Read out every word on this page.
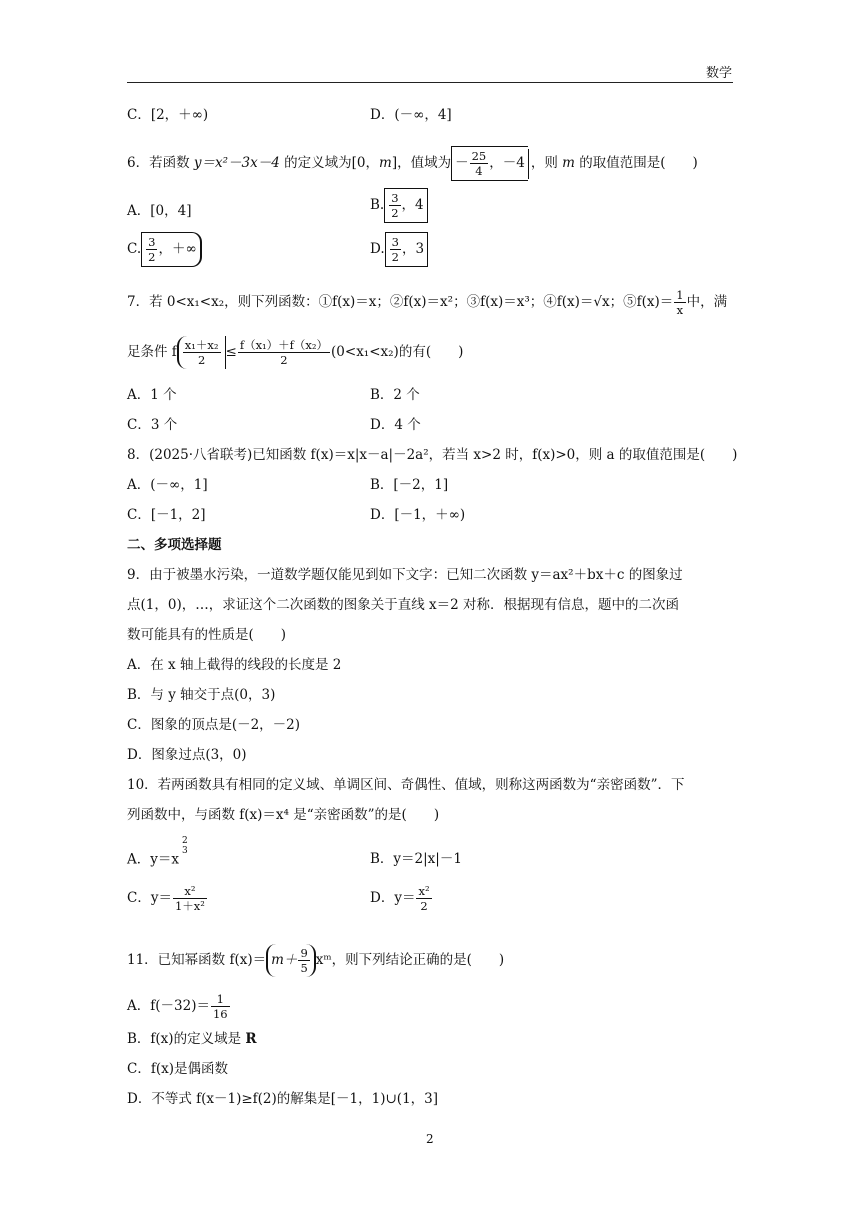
数学
C．[2，＋∞)	D．(－∞，4]
6．若函数 y＝x²－3x－4 的定义域为[0，m]，值域为 － $\frac{25}{4}$ ，－4 ，则 m 的取值范围是(　　)
A．[0，4]	B. $\frac{3}{2}$ ，4
C. $\frac{3}{2}$ ，＋∞	D. $\frac{3}{2}$ ，3
7．若 0<x₁<x₂，则下列函数：①f(x)＝x；②f(x)＝x²；③f(x)＝x³；④f(x)＝√x；⑤f(x)＝ $\frac{1}{x}$ 中，满
足条件 f $\frac{\text{x₁＋x₂}}{2} \le \frac{\text{f（x₁）＋f（x₂）}}{2} (0<x_1<x_2)$的有(　　)
A．1 个	B．2 个
C．3 个	D．4 个
8．(2025·八省联考)已知函数 f(x)＝x|x－a|－2a²，若当 x>2 时，f(x)>0，则 a 的取值范围是(　　)
A．(－∞，1]	B．[－2，1]
C．[－1，2]	D．[－1，＋∞)
二、多项选择题
9．由于被墨水污染，一道数学题仅能见到如下文字：已知二次函数 y＝ax²＋bx＋c 的图象过
点(1，0)，…，求证这个二次函数的图象关于直线 x＝2 对称．根据现有信息，题中的二次函
数可能具有的性质是(　　)
A．在 x 轴上截得的线段的长度是 2
B．与 y 轴交于点(0，3)
C．图象的顶点是(－2，－2)
D．图象过点(3，0)
10．若两函数具有相同的定义域、单调区间、奇偶性、值域，则称这两函数为“亲密函数”．下
列函数中，与函数 f(x)＝x⁴ 是“亲密函数”的是(　　)
A．y＝x
2
3	B．y＝2|x|－1
C．$y= \frac{\text{x²}}{\text{1＋x²}}$	D．$y= \frac{\text{x²}}{2}$
11．已知幂函数 $f(x)= m+ \frac{9}{5}$ xᵐ，则下列结论正确的是(　　)
A．$f(-32)= \frac{1}{16}$
B．f(x)的定义域是 R
C．f(x)是偶函数
D．不等式 f(x－1)≥f(2)的解集是[－1，1)∪(1，3]
2
